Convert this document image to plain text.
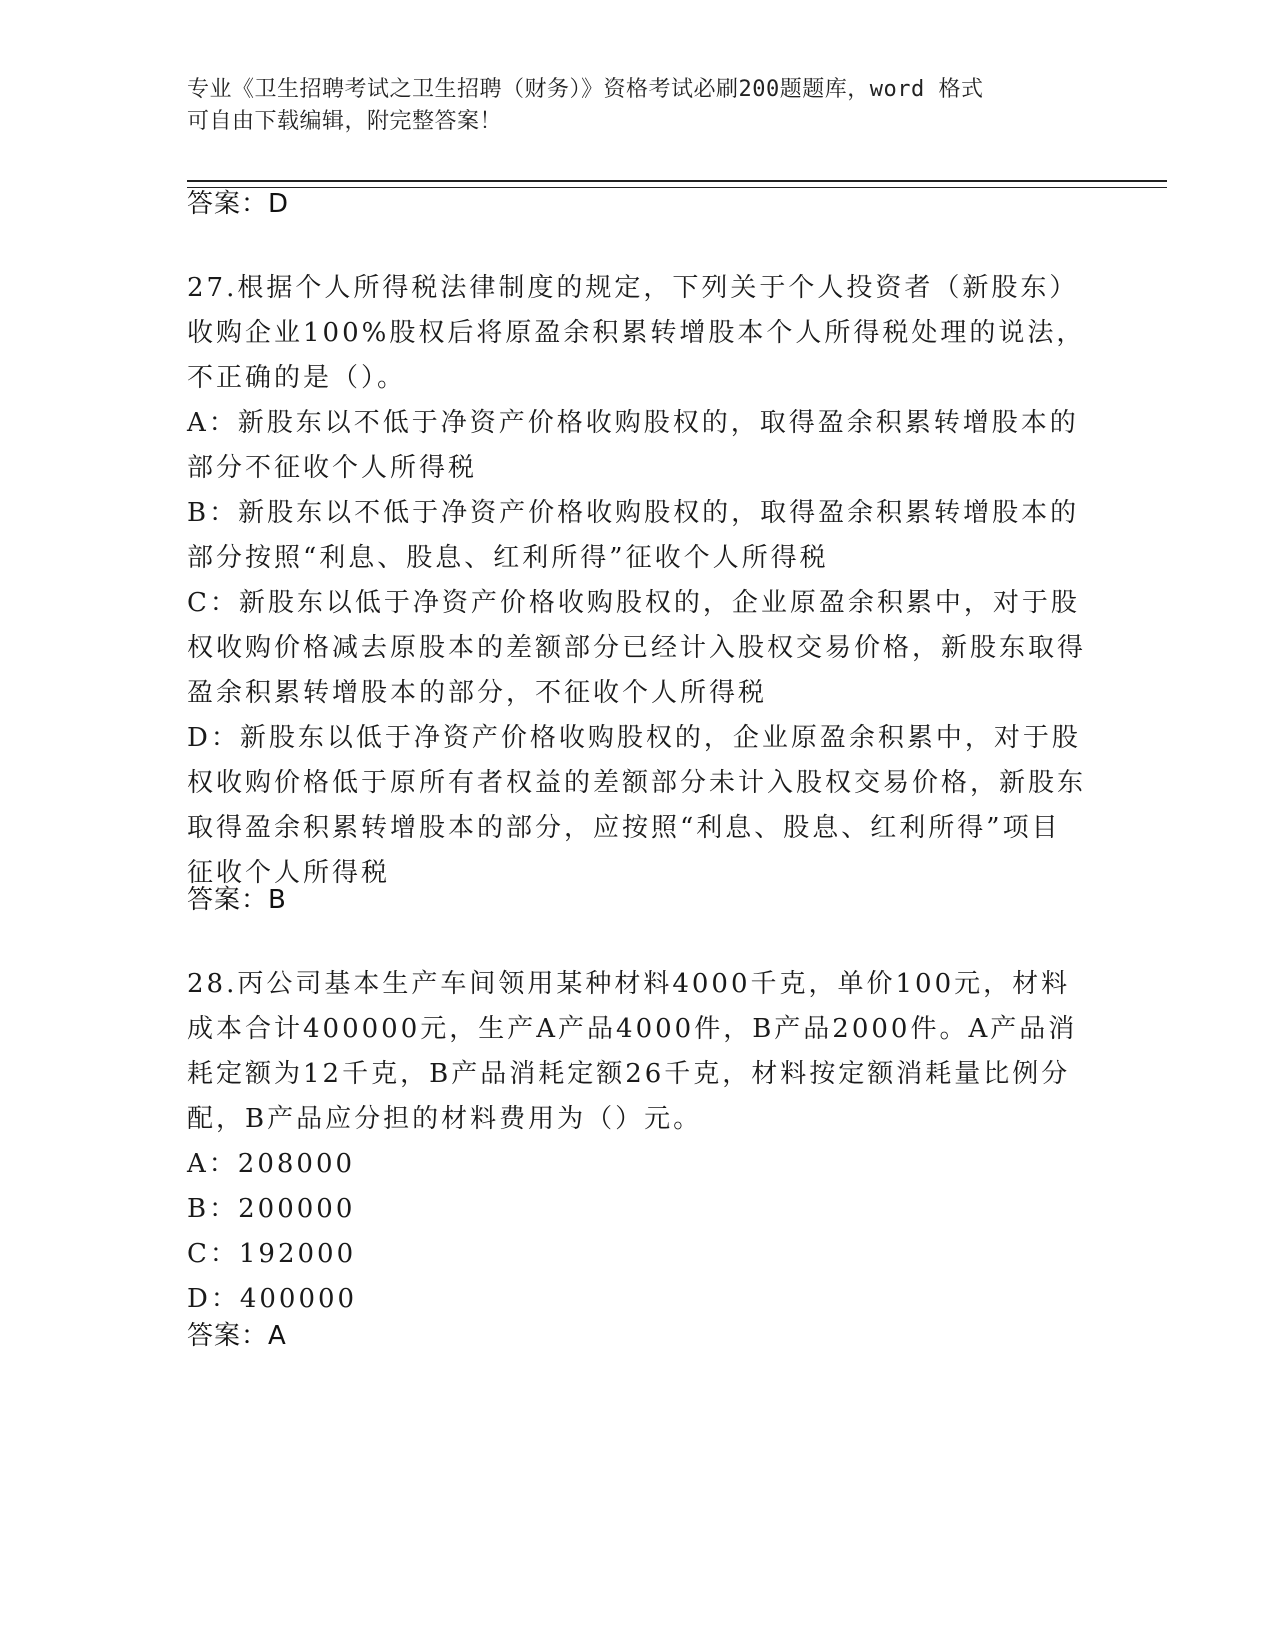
专业《卫生招聘考试之卫生招聘（财务）》资格考试必刷200题题库，word 格式
可自由下载编辑，附完整答案！
答案：D

27.根据个人所得税法律制度的规定，下列关于个人投资者（新股东）收购企业100%股权后将原盈余积累转增股本个人所得税处理的说法，不正确的是（）。

A：新股东以不低于净资产价格收购股权的，取得盈余积累转增股本的部分不征收个人所得税

B：新股东以不低于净资产价格收购股权的，取得盈余积累转增股本的部分按照“利息、股息、红利所得”征收个人所得税

C：新股东以低于净资产价格收购股权的，企业原盈余积累中，对于股权收购价格减去原股本的差额部分已经计入股权交易价格，新股东取得盈余积累转增股本的部分，不征收个人所得税

D：新股东以低于净资产价格收购股权的，企业原盈余积累中，对于股权收购价格低于原所有者权益的差额部分未计入股权交易价格，新股东取得盈余积累转增股本的部分，应按照“利息、股息、红利所得”项目征收个人所得税

答案：B

28.丙公司基本生产车间领用某种材料4000千克，单价100元，材料成本合计400000元，生产A产品4000件，B产品2000件。A产品消耗定额为12千克，B产品消耗定额26千克，材料按定额消耗量比例分配，B产品应分担的材料费用为（）元。

A：208000

B：200000

C：192000

D：400000

答案：A
